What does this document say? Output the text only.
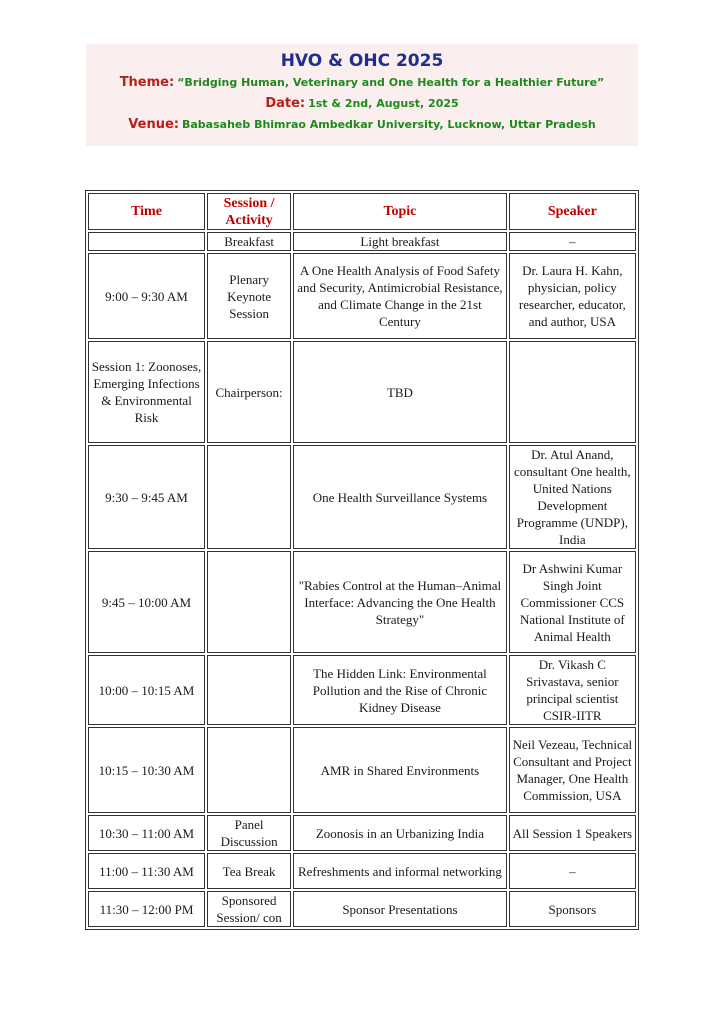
HVO & OHC 2025
Theme: “Bridging Human, Veterinary and One Health for a Healthier Future”
Date: 1st & 2nd, August, 2025
Venue: Babasaheb Bhimrao Ambedkar University, Lucknow, Uttar Pradesh
Time	Session / Activity	Topic	Speaker
	Breakfast	Light breakfast	–
9:00 – 9:30 AM	Plenary Keynote Session	A One Health Analysis of Food Safety and Security, Antimicrobial Resistance, and Climate Change in the 21st Century	Dr. Laura H. Kahn, physician, policy researcher, educator, and author, USA
Session 1: Zoonoses, Emerging Infections & Environmental Risk	Chairperson:	TBD	
9:30 – 9:45 AM		One Health Surveillance Systems	Dr. Atul Anand, consultant One health, United Nations Development Programme (UNDP), India
9:45 – 10:00 AM		"Rabies Control at the Human–Animal Interface: Advancing the One Health Strategy"	Dr Ashwini Kumar Singh Joint Commissioner CCS National Institute of Animal Health
10:00 – 10:15 AM		The Hidden Link: Environmental Pollution and the Rise of Chronic Kidney Disease	Dr. Vikash C Srivastava, senior principal scientist CSIR-IITR
10:15 – 10:30 AM		AMR in Shared Environments	Neil Vezeau, Technical Consultant and Project Manager, One Health Commission, USA
10:30 – 11:00 AM	Panel Discussion	Zoonosis in an Urbanizing India	All Session 1 Speakers
11:00 – 11:30 AM	Tea Break	Refreshments and informal networking	–
11:30 – 12:00 PM	Sponsored Session/ con	Sponsor Presentations	Sponsors
